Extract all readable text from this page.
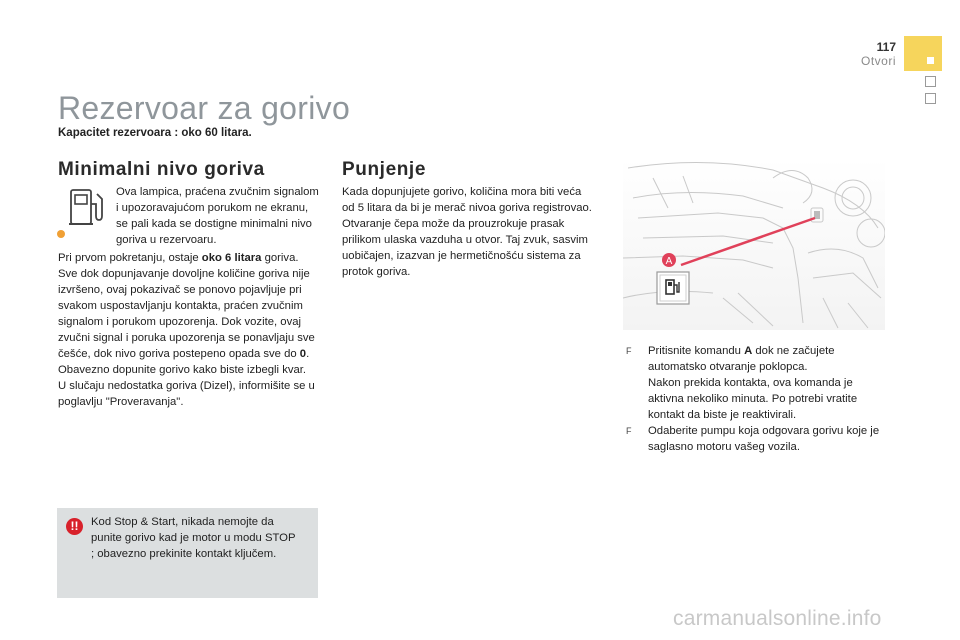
117
Otvori
Rezervoar za gorivo
Kapacitet rezervoara : oko 60 litara.
Minimalni nivo goriva
Ova lampica, praćena zvučnim signalom i upozoravajućom porukom ne ekranu, se pali kada se dostigne minimalni nivo goriva u rezervoaru.
Pri prvom pokretanju, ostaje oko 6 litara goriva.
Sve dok dopunjavanje dovoljne količine goriva nije izvršeno, ovaj pokazivač se ponovo pojavljuje pri svakom uspostavljanju kontakta, praćen zvučnim signalom i porukom upozorenja. Dok vozite, ovaj zvučni signal i poruka upozorenja se ponavljaju sve češće, dok nivo goriva postepeno opada sve do 0.
Obavezno dopunite gorivo kako biste izbegli kvar.
U slučaju nedostatka goriva (Dizel), informišite se u poglavlju "Proveravanja".
!!	Kod Stop & Start, nikada nemojte da punite gorivo kad je motor u modu STOP ; obavezno prekinite kontakt ključem.
Punjenje
Kada dopunjujete gorivo, količina mora biti veća od 5 litara da bi je merač nivoa goriva registrovao.
Otvaranje čepa može da prouzrokuje prasak prilikom ulaska vazduha u otvor. Taj zvuk, sasvim uobičajen, izazvan je hermetičnošću sistema za protok goriva.
A
F Pritisnite komandu A dok ne začujete automatsko otvaranje poklopca.
Nakon prekida kontakta, ova komanda je aktivna nekoliko minuta. Po potrebi vratite kontakt da biste je reaktivirali.
F Odaberite pumpu koja odgovara gorivu koje je saglasno motoru vašeg vozila.
carmanualsonline.info
